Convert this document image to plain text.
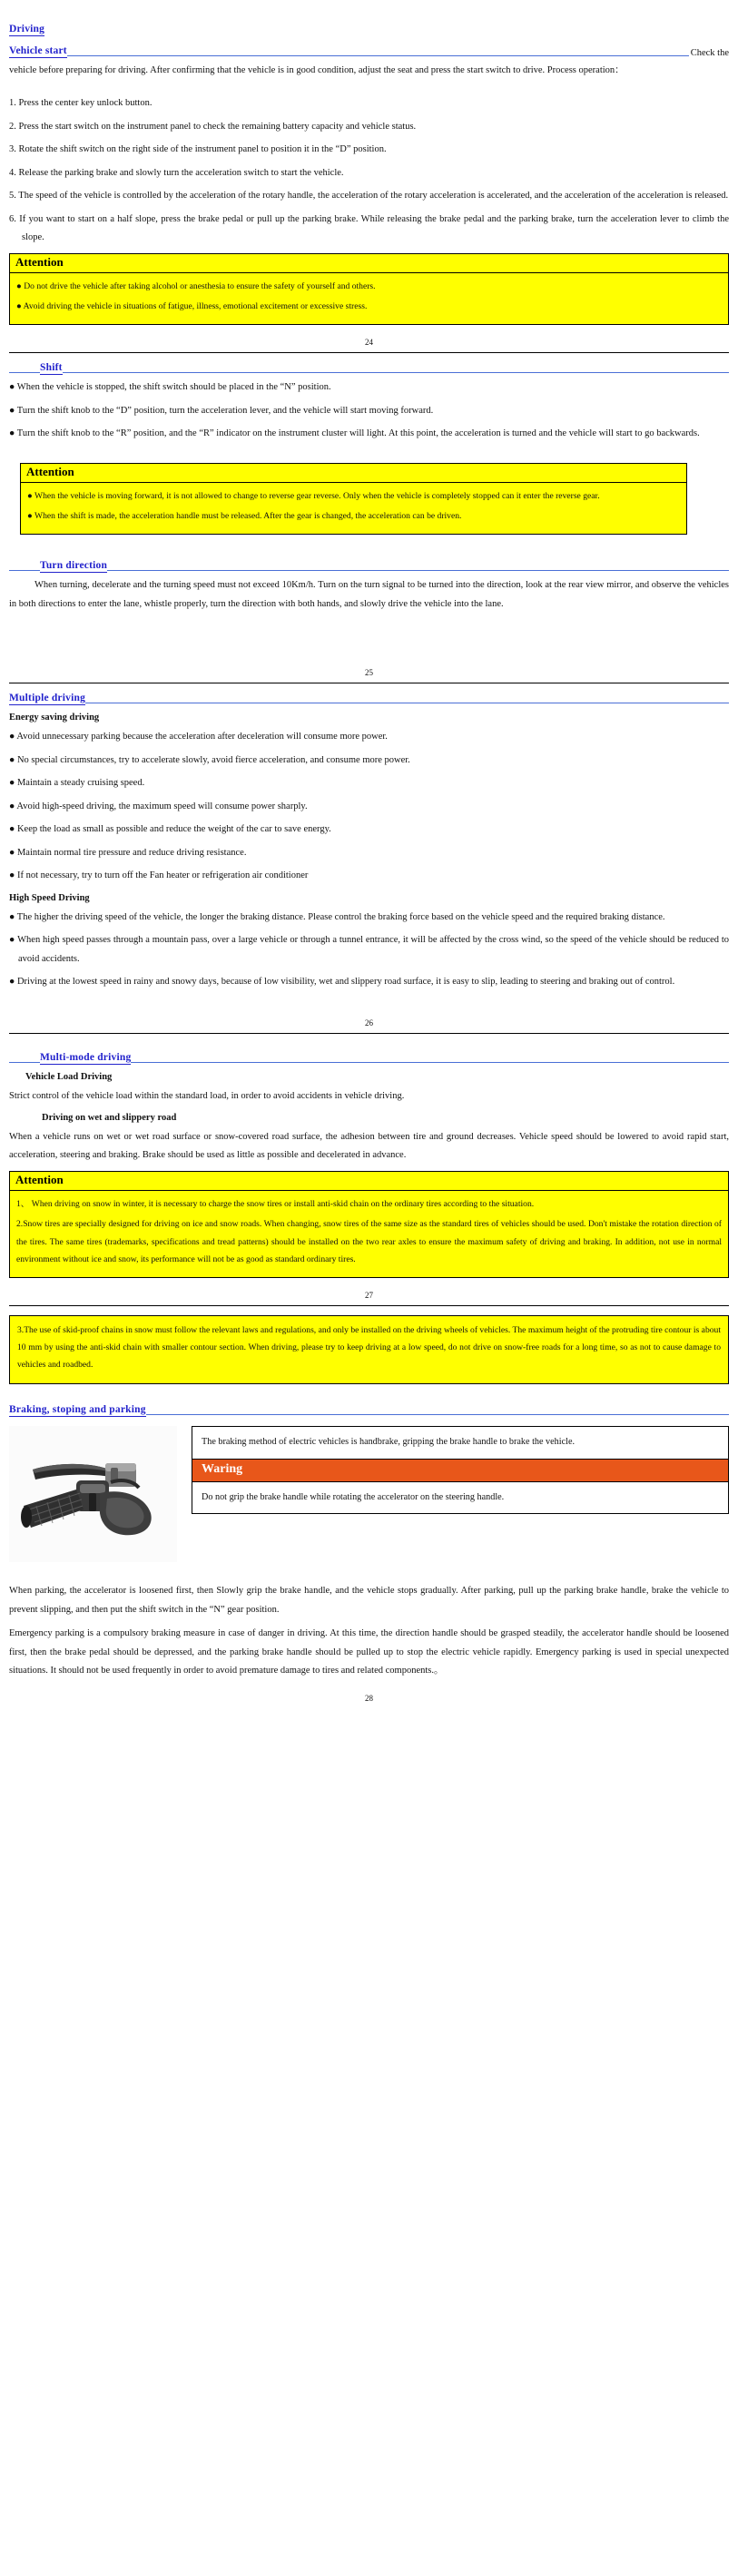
Driving
Vehicle start	Check the

vehicle before preparing for driving. After confirming that the vehicle is in good condition, adjust the seat and press the start switch to drive. Process operation：

1. Press the center key unlock button.
2. Press the start switch on the instrument panel to check the remaining battery capacity and vehicle status.
3. Rotate the shift switch on the right side of the instrument panel to position it in the “D” position.
4. Release the parking brake and slowly turn the acceleration switch to start the vehicle.
5. The speed of the vehicle is controlled by the acceleration of the rotary handle, the acceleration of the rotary acceleration is accelerated, and the acceleration of the acceleration is released.
6. If you want to start on a half slope, press the brake pedal or pull up the parking brake. While releasing the brake pedal and the parking brake, turn the acceleration lever to climb the slope.
Attention

● Do not drive the vehicle after taking alcohol or anesthesia to ensure the safety of yourself and others.

● Avoid driving the vehicle in situations of fatigue, illness, emotional excitement or excessive stress.

24
Shift
● When the vehicle is stopped, the shift switch should be placed in the “N” position.
● Turn the shift knob to the “D” position, turn the acceleration lever, and the vehicle will start moving forward.
● Turn the shift knob to the “R” position, and the “R” indicator on the instrument cluster will light. At this point, the acceleration is turned and the vehicle will start to go backwards.
Attention

● When the vehicle is moving forward, it is not allowed to change to reverse gear reverse. Only when the vehicle is completely stopped can it enter the reverse gear.

● When the shift is made, the acceleration handle must be released. After the gear is changed, the acceleration can be driven.

Turn direction

When turning, decelerate and the turning speed must not exceed 10Km/h. Turn on the turn signal to be turned into the direction, look at the rear view mirror, and observe the vehicles in both directions to enter the lane, whistle properly, turn the direction with both hands, and slowly drive the vehicle into the lane.

25
Multiple driving
Energy saving driving
● Avoid unnecessary parking because the acceleration after deceleration will consume more power.
● No special circumstances, try to accelerate slowly, avoid fierce acceleration, and consume more power.
● Maintain a steady cruising speed.
● Avoid high-speed driving, the maximum speed will consume power sharply.
● Keep the load as small as possible and reduce the weight of the car to save energy.
● Maintain normal tire pressure and reduce driving resistance.
● If not necessary, try to turn off the Fan heater or refrigeration air conditioner
High Speed Driving
● The higher the driving speed of the vehicle, the longer the braking distance. Please control the braking force based on the vehicle speed and the required braking distance.
● When high speed passes through a mountain pass, over a large vehicle or through a tunnel entrance, it will be affected by the cross wind, so the speed of the vehicle should be reduced to avoid accidents.
● Driving at the lowest speed in rainy and snowy days, because of low visibility, wet and slippery road surface, it is easy to slip, leading to steering and braking out of control.
26
Multi-mode driving
Vehicle Load Driving

Strict control of the vehicle load within the standard load, in order to avoid accidents in vehicle driving.

Driving on wet and slippery road

When a vehicle runs on wet or wet road surface or snow-covered road surface, the adhesion between tire and ground decreases. Vehicle speed should be lowered to avoid rapid start, acceleration, steering and braking. Brake should be used as little as possible and decelerated in advance.

Attention

1、 When driving on snow in winter, it is necessary to charge the snow tires or install anti-skid chain on the ordinary tires according to the situation.

2.Snow tires are specially designed for driving on ice and snow roads. When changing, snow tires of the same size as the standard tires of vehicles should be used. Don't mistake the rotation direction of the tires. The same tires (trademarks, specifications and tread patterns) should be installed on the two rear axles to ensure the maximum safety of driving and braking. In addition, not use in normal environment without ice and snow, its performance will not be as good as standard ordinary tires.

27

3.The use of skid-proof chains in snow must follow the relevant laws and regulations, and only be installed on the driving wheels of vehicles. The maximum height of the protruding tire contour is about 10 mm by using the anti-skid chain with smaller contour section. When driving, please try to keep driving at a low speed, do not drive on snow-free roads for a long time, so as not to cause damage to vehicles and roadbed.

Braking, stoping and parking
The braking method of electric vehicles is handbrake, gripping the brake handle to brake the vehicle.
Waring
Do not grip the brake handle while rotating the accelerator on the steering handle.

When parking, the accelerator is loosened first, then Slowly grip the brake handle, and the vehicle stops gradually. After parking, pull up the parking brake handle, brake the vehicle to prevent slipping, and then put the shift switch in the “N” gear position.

Emergency parking is a compulsory braking measure in case of danger in driving. At this time, the direction handle should be grasped steadily, the accelerator handle should be loosened first, then the brake pedal should be depressed, and the parking brake handle should be pulled up to stop the electric vehicle rapidly. Emergency parking is used in special unexpected situations. It should not be used frequently in order to avoid premature damage to tires and related components.。

28
